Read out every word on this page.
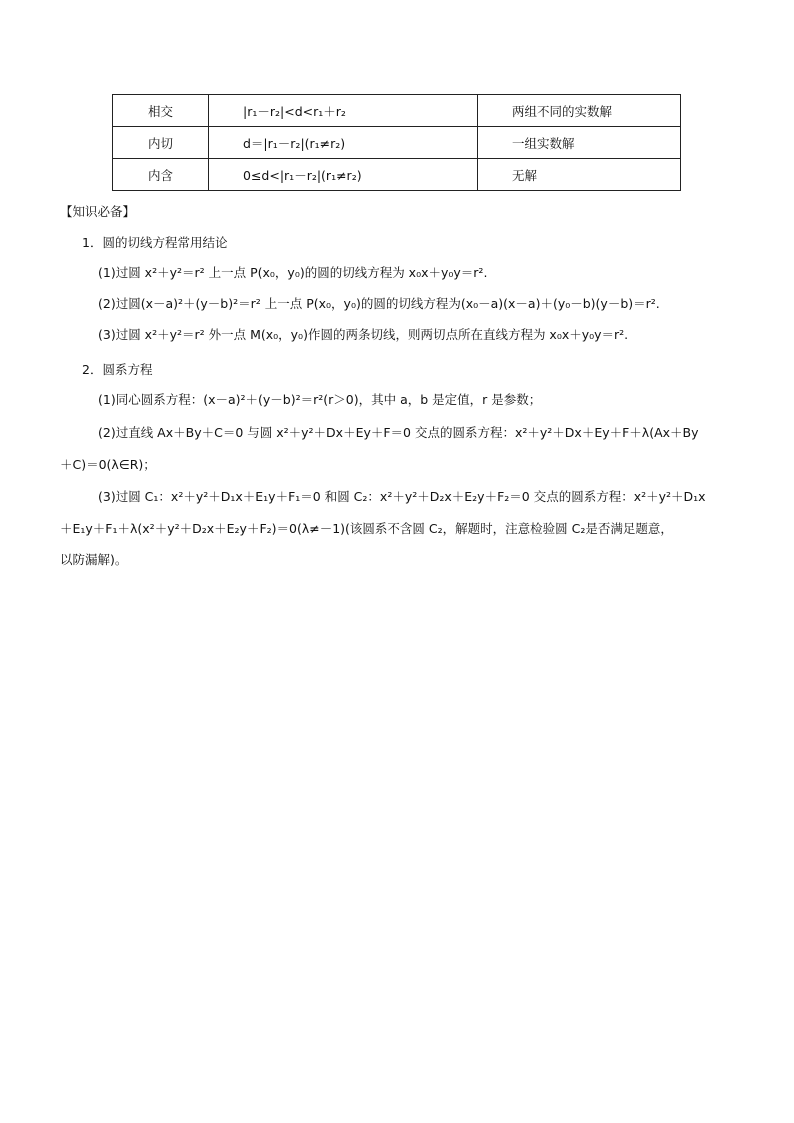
相交	|r₁－r₂|<d<r₁＋r₂	两组不同的实数解
内切	d＝|r₁－r₂|(r₁≠r₂)	一组实数解
内含	0≤d<|r₁－r₂|(r₁≠r₂)	无解
【知识必备】
1．圆的切线方程常用结论
(1)过圆 x²＋y²＝r² 上一点 P(x₀，y₀)的圆的切线方程为 x₀x＋y₀y＝r².
(2)过圆(x－a)²＋(y－b)²＝r² 上一点 P(x₀，y₀)的圆的切线方程为(x₀－a)(x－a)＋(y₀－b)(y－b)＝r².
(3)过圆 x²＋y²＝r² 外一点 M(x₀，y₀)作圆的两条切线，则两切点所在直线方程为 x₀x＋y₀y＝r².
2．圆系方程
(1)同心圆系方程：(x－a)²＋(y－b)²＝r²(r＞0)，其中 a，b 是定值，r 是参数；
(2)过直线 Ax＋By＋C＝0 与圆 x²＋y²＋Dx＋Ey＋F＝0 交点的圆系方程：x²＋y²＋Dx＋Ey＋F＋λ(Ax＋By
＋C)＝0(λ∈R)；
(3)过圆 C₁：x²＋y²＋D₁x＋E₁y＋F₁＝0 和圆 C₂：x²＋y²＋D₂x＋E₂y＋F₂＝0 交点的圆系方程：x²＋y²＋D₁x
＋E₁y＋F₁＋λ(x²＋y²＋D₂x＋E₂y＋F₂)＝0(λ≠－1)(该圆系不含圆 C₂，解题时，注意检验圆 C₂是否满足题意，
以防漏解)。
